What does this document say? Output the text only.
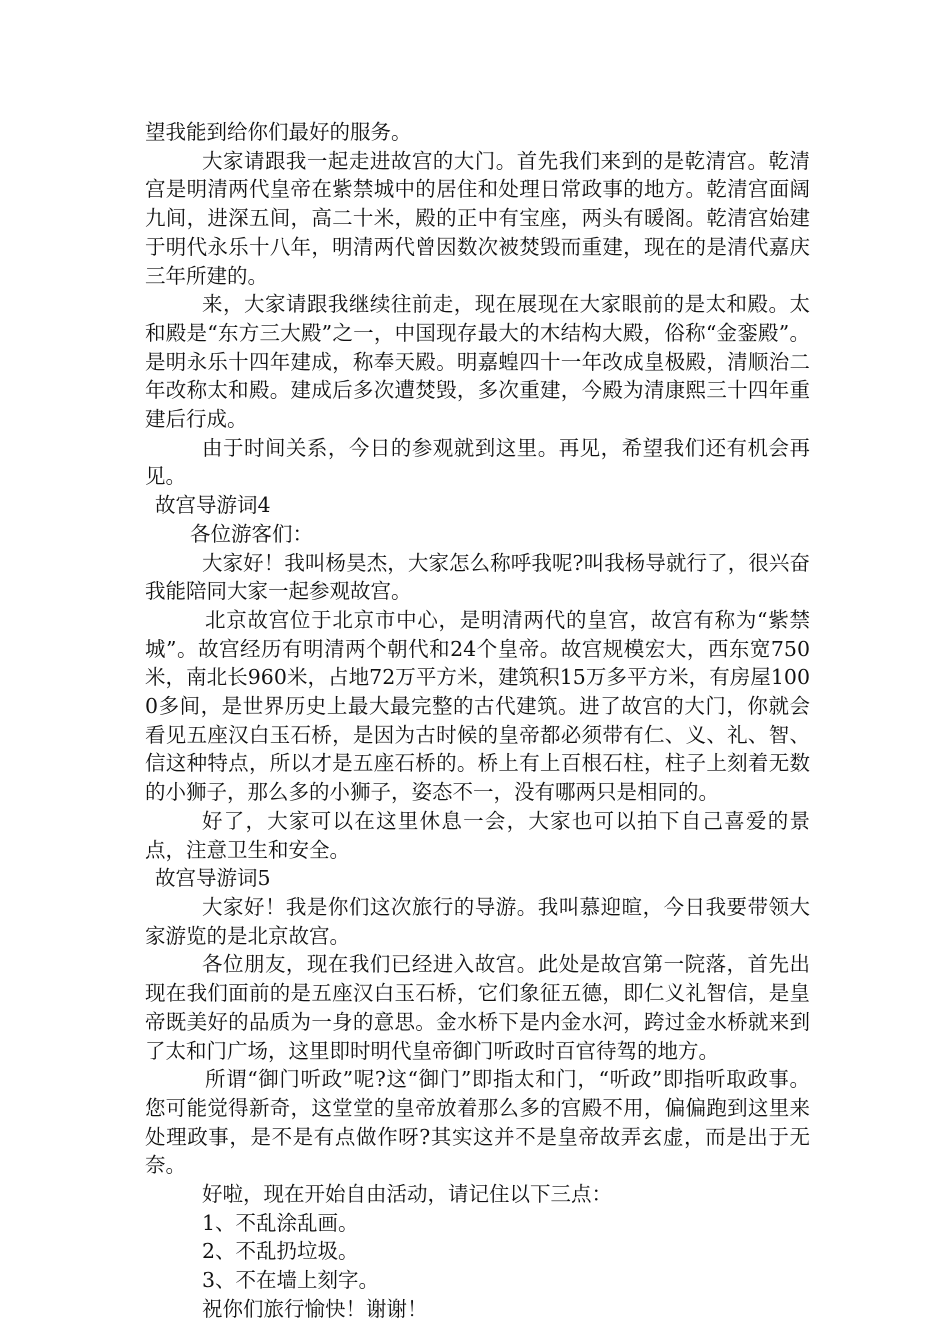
望我能到给你们最好的服务。

大家请跟我一起走进故宫的大门。首先我们来到的是乾清宫。乾清宫是明清两代皇帝在紫禁城中的居住和处理日常政事的地方。乾清宫面阔九间，进深五间，高二十米，殿的正中有宝座，两头有暖阁。乾清宫始建于明代永乐十八年，明清两代曾因数次被焚毁而重建，现在的是清代嘉庆三年所建的。

来，大家请跟我继续往前走，现在展现在大家眼前的是太和殿。太和殿是“东方三大殿”之一，中国现存最大的木结构大殿，俗称“金銮殿”。是明永乐十四年建成，称奉天殿。明嘉蝗四十一年改成皇极殿，清顺治二年改称太和殿。建成后多次遭焚毁，多次重建，今殿为清康熙三十四年重建后行成。

由于时间关系，今日的参观就到这里。再见，希望我们还有机会再见。

故宫导游词4

各位游客们：

大家好！我叫杨昊杰，大家怎么称呼我呢?叫我杨导就行了，很兴奋我能陪同大家一起参观故宫。

北京故宫位于北京市中心，是明清两代的皇宫，故宫有称为“紫禁城”。故宫经历有明清两个朝代和24个皇帝。故宫规模宏大，西东宽750米，南北长960米，占地72万平方米，建筑积15万多平方米，有房屋1000多间，是世界历史上最大最完整的古代建筑。进了故宫的大门，你就会看见五座汉白玉石桥，是因为古时候的皇帝都必须带有仁、义、礼、智、信这种特点，所以才是五座石桥的。桥上有上百根石柱，柱子上刻着无数的小狮子，那么多的小狮子，姿态不一，没有哪两只是相同的。

好了，大家可以在这里休息一会，大家也可以拍下自己喜爱的景点，注意卫生和安全。

故宫导游词5

大家好！我是你们这次旅行的导游。我叫慕迎暄，今日我要带领大家游览的是北京故宫。

各位朋友，现在我们已经进入故宫。此处是故宫第一院落，首先出现在我们面前的是五座汉白玉石桥，它们象征五德，即仁义礼智信，是皇帝既美好的品质为一身的意思。金水桥下是内金水河，跨过金水桥就来到了太和门广场，这里即时明代皇帝御门听政时百官待驾的地方。

所谓“御门听政”呢?这“御门”即指太和门，“听政”即指听取政事。您可能觉得新奇，这堂堂的皇帝放着那么多的宫殿不用，偏偏跑到这里来处理政事，是不是有点做作呀?其实这并不是皇帝故弄玄虚，而是出于无奈。

好啦，现在开始自由活动，请记住以下三点：

1、不乱涂乱画。

2、不乱扔垃圾。

3、不在墙上刻字。

祝你们旅行愉快！谢谢！
